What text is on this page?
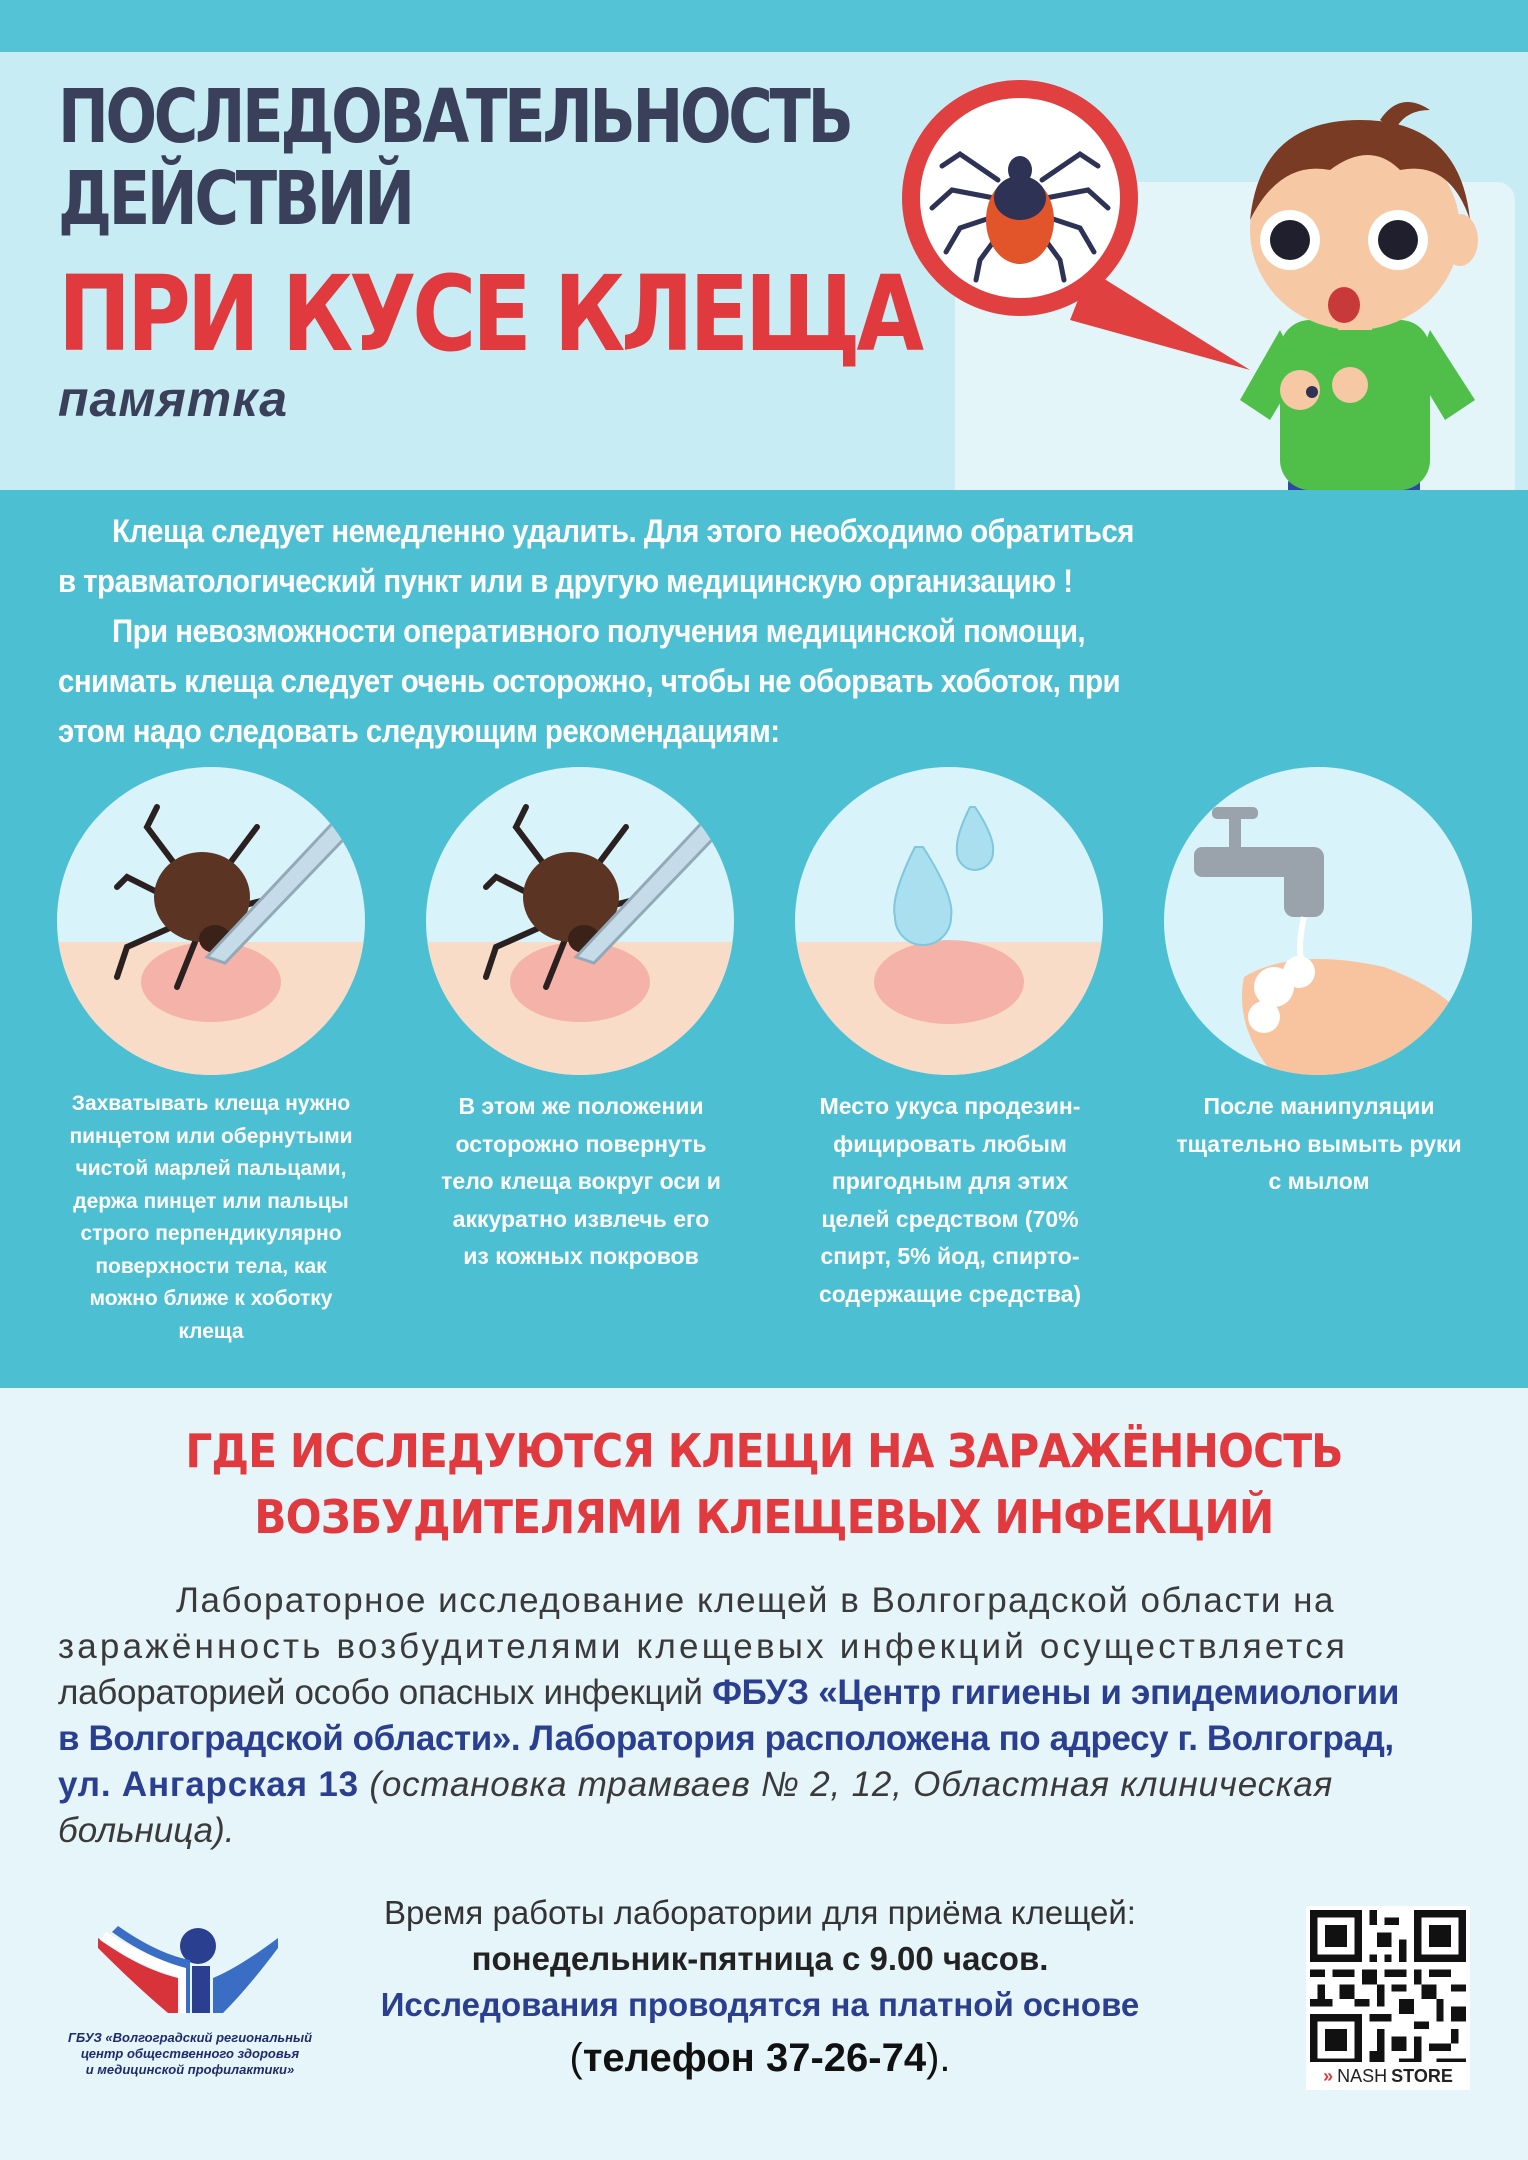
ПОСЛЕДОВАТЕЛЬНОСТЬ
ДЕЙСТВИЙ
ПРИ КУСЕ КЛЕЩА
памятка
Клеща следует немедленно удалить. Для этого необходимо обратиться
в травматологический пункт или в другую медицинскую организацию !
При невозможности оперативного получения медицинской помощи,
снимать клеща следует очень осторожно, чтобы не оборвать хоботок, при
этом надо следовать следующим рекомендациям:
Захватывать клеща нужно
пинцетом или обернутыми
чистой марлей пальцами,
держа пинцет или пальцы
строго перпендикулярно
поверхности тела, как
можно ближе к хоботку
клеща
В этом же положении
осторожно повернуть
тело клеща вокруг оси и
аккуратно извлечь его
из кожных покровов
Место укуса продезин-
фицировать любым
пригодным для этих
целей средством (70%
спирт, 5% йод, спирто-
содержащие средства)
После манипуляции
тщательно вымыть руки
с мылом
ГДЕ ИССЛЕДУЮТСЯ КЛЕЩИ НА ЗАРАЖЁННОСТЬ
ВОЗБУДИТЕЛЯМИ КЛЕЩЕВЫХ ИНФЕКЦИЙ
Лабораторное исследование клещей в Волгоградской области на
заражённость возбудителями клещевых инфекций осуществляется
лабораторией особо опасных инфекций ФБУЗ «Центр гигиены и эпидемиологии
в Волгоградской области». Лаборатория расположена по адресу г. Волгоград,
ул. Ангарская 13 (остановка трамваев № 2, 12, Областная клиническая
больница).
Время работы лаборатории для приёма клещей:
понедельник-пятница с 9.00 часов.
Исследования проводятся на платной основе
(телефон 37-26-74).
ГБУЗ «Волгоградский региональный
центр общественного здоровья
и медицинской профилактики»	» NASH STORE
